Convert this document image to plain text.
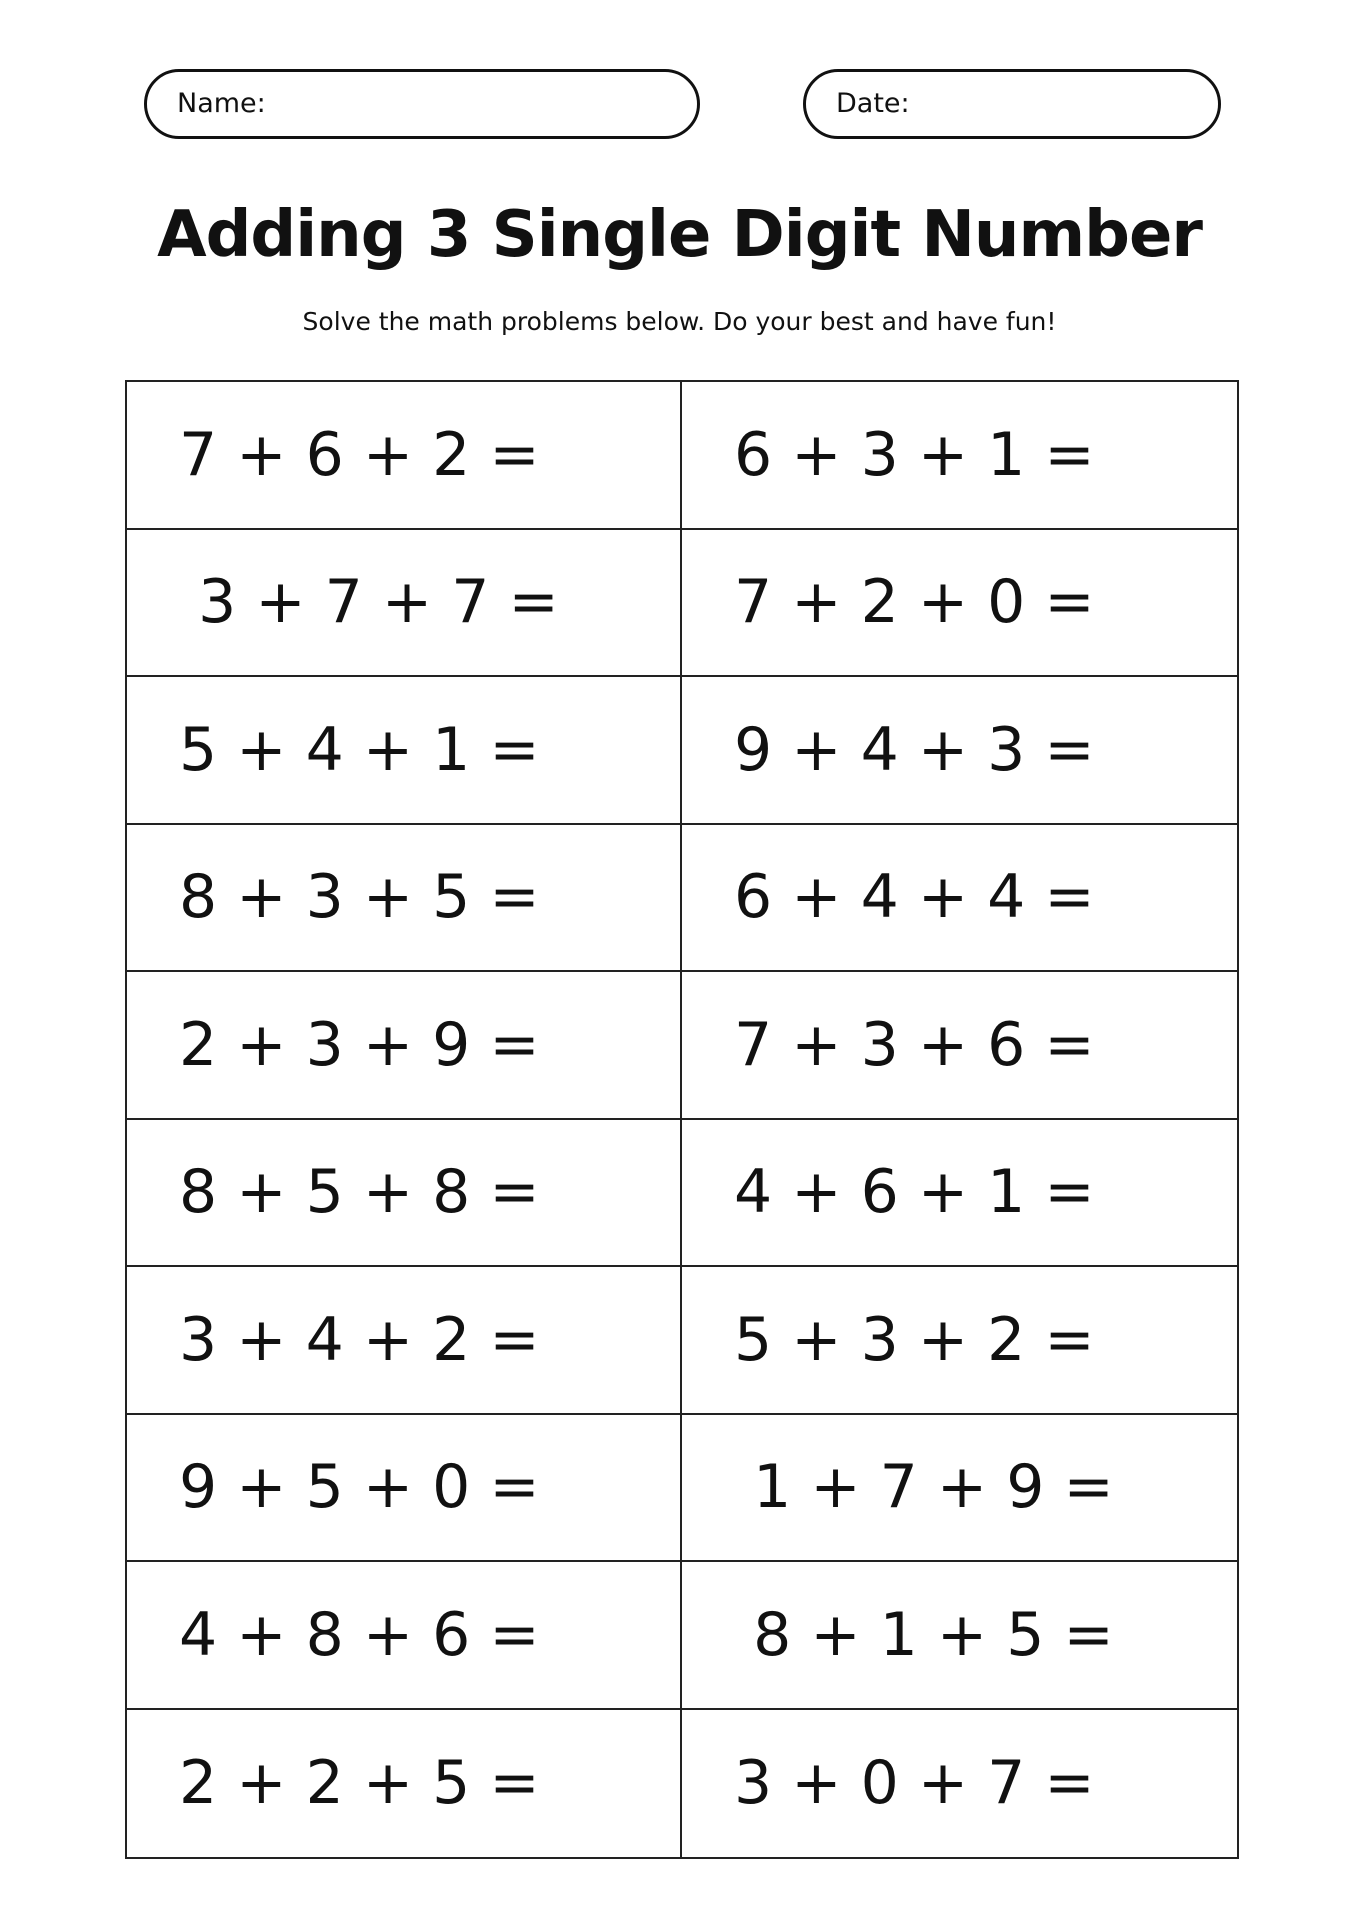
Name:	Date:
Adding 3 Single Digit Number
Solve the math problems below. Do your best and have fun!
7 + 6 + 2 =	6 + 3 + 1 =
3 + 7 + 7 =	7 + 2 + 0 =
5 + 4 + 1 =	9 + 4 + 3 =
8 + 3 + 5 =	6 + 4 + 4 =
2 + 3 + 9 =	7 + 3 + 6 =
8 + 5 + 8 =	4 + 6 + 1 =
3 + 4 + 2 =	5 + 3 + 2 =
9 + 5 + 0 =	1 + 7 + 9 =
4 + 8 + 6 =	8 + 1 + 5 =
2 + 2 + 5 =	3 + 0 + 7 =
